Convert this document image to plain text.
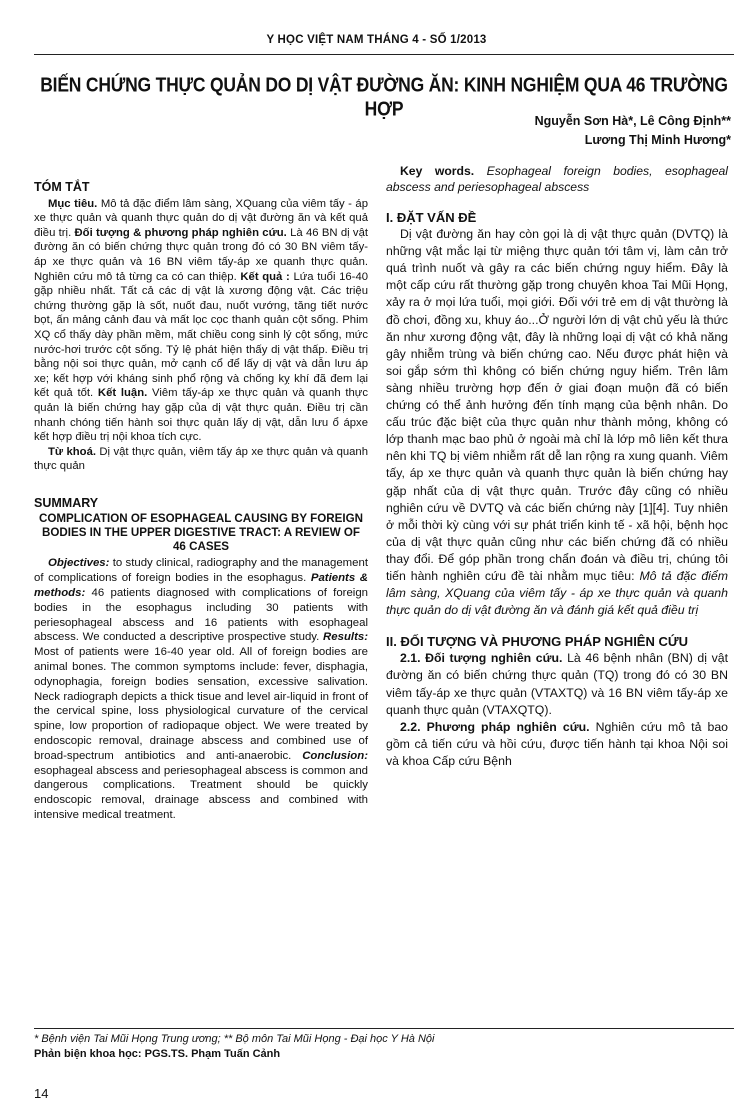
Y HỌC VIỆT NAM THÁNG 4 - SỐ 1/2013
BIẾN CHỨNG THỰC QUẢN DO DỊ VẬT ĐƯỜNG ĂN: KINH NGHIỆM QUA 46 TRƯỜNG HỢP
Nguyễn Sơn Hà*, Lê Công Định**
Lương Thị Minh Hương*
TÓM TẮT

Mục tiêu. Mô tả đặc điểm lâm sàng, XQuang của viêm tấy - áp xe thực quản và quanh thực quản do dị vật đường ăn và kết quả điều trị. Đối tượng & phương pháp nghiên cứu. Là 46 BN dị vật đường ăn có biến chứng thực quản trong đó có 30 BN viêm tấy-áp xe thực quản và 16 BN viêm tấy-áp xe quanh thực quản. Nghiên cứu mô tả từng ca có can thiệp. Kết quả : Lứa tuổi 16-40 gặp nhiều nhất. Tất cả các dị vật là xương động vật. Các triệu chứng thường gặp là sốt, nuốt đau, nuốt vướng, tăng tiết nước bọt, ấn mảng cảnh đau và mất lọc cọc thanh quản cột sống. Phim XQ cổ thấy dày phần mềm, mất chiều cong sinh lý cột sống, mức nước-hơi trước cột sống. Tỷ lệ phát hiện thấy dị vật thấp. Điều trị bằng nội soi thực quản, mở cạnh cổ để lấy dị vật và dẫn lưu áp xe; kết hợp với kháng sinh phổ rộng và chống kỵ khí đã đem lại kết quả tốt. Kết luận. Viêm tấy-áp xe thực quản và quanh thực quản là biến chứng hay gặp của dị vật thực quản. Điều trị cần nhanh chóng tiến hành soi thực quản lấy dị vật, dẫn lưu ổ ápxe kết hợp điều trị nội khoa tích cực.

Từ khoá. Dị vật thực quản, viêm tấy áp xe thực quản và quanh thực quản

SUMMARY

COMPLICATION OF ESOPHAGEAL CAUSING BY FOREIGN BODIES IN THE UPPER DIGESTIVE TRACT: A REVIEW OF 46 CASES

Objectives: to study clinical, radiography and the management of complications of foreign bodies in the esophagus. Patients & methods: 46 patients diagnosed with complications of foreign bodies in the esophagus including 30 patients with periesophageal abscess and 16 patients with esophageal abscess. We conducted a descriptive prospective study. Results: Most of patients were 16-40 year old. All of foreign bodies are animal bones. The common symptoms include: fever, disphagia, odynophagia, foreign bodies sensation, excessive salivation. Neck radiograph depicts a thick tisue and level air-liquid in front of the cervical spine, loss physiological curvature of the cervical spine, low proportion of radiopaque object. We were treated by endoscopic removal, drainage abscess and combined use of broad-spectrum antibiotics and anti-anaerobic. Conclusion: esophageal abscess and periesophageal abscess is common and dangerous complications. Treatment should be quickly endoscopic removal, drainage abscess and combined with intensive medical treatment.

Key words. Esophageal foreign bodies, esophageal abscess and periesophageal abscess

I. ĐẶT VẤN ĐỀ

Dị vật đường ăn hay còn gọi là dị vật thực quản (DVTQ) là những vật mắc lại từ miệng thực quản tới tâm vị, làm cản trở quá trình nuốt và gây ra các biến chứng nguy hiểm. Đây là một cấp cứu rất thường gặp trong chuyên khoa Tai Mũi Họng, xảy ra ở mọi lứa tuổi, mọi giới. Đối với trẻ em dị vật thường là đồ chơi, đồng xu, khuy áo...Ở người lớn dị vật chủ yếu là thức ăn như xương động vật, đây là những loại dị vật có khả năng gây nhiễm trùng và biến chứng cao. Nếu được phát hiện và soi gắp sớm thì không có biến chứng nguy hiểm. Trên lâm sàng nhiều trường hợp đến ở giai đoạn muộn đã có biến chứng có thể ảnh hưởng đến tính mạng của bệnh nhân. Do cấu trúc đặc biệt của thực quản như thành mỏng, không có lớp thanh mạc bao phủ ở ngoài mà chỉ là lớp mô liên kết thưa nên khi TQ bị viêm nhiễm rất dễ lan rộng ra xung quanh. Viêm tấy, áp xe thực quản và quanh thực quản là biến chứng hay gặp nhất của dị vật thực quản. Trước đây cũng có nhiều nghiên cứu về DVTQ và các biến chứng này [1][4]. Tuy nhiên ở mỗi thời kỳ cùng với sự phát triển kinh tế - xã hội, bệnh học của dị vật thực quản cũng như các biến chứng đã có nhiều thay đổi. Để góp phần trong chẩn đoán và điều trị, chúng tôi tiến hành nghiên cứu đề tài nhằm mục tiêu: Mô tả đặc điểm lâm sàng, XQuang của viêm tấy - áp xe thực quản và quanh thực quản do dị vật đường ăn và đánh giá kết quả điều trị

II. ĐỐI TƯỢNG VÀ PHƯƠNG PHÁP NGHIÊN CỨU

2.1. Đối tượng nghiên cứu. Là 46 bệnh nhân (BN) dị vật đường ăn có biến chứng thực quản (TQ) trong đó có 30 BN viêm tấy-áp xe thực quản (VTAXTQ) và 16 BN viêm tấy-áp xe quanh thực quản (VTAXQTQ).

2.2. Phương pháp nghiên cứu. Nghiên cứu mô tả bao gồm cả tiến cứu và hồi cứu, được tiến hành tại khoa Nội soi và khoa Cấp cứu Bệnh

* Bệnh viện Tai Mũi Họng Trung ương; ** Bộ môn Tai Mũi Họng - Đại học Y Hà Nội
Phản biện khoa học: PGS.TS. Phạm Tuấn Cảnh
14
